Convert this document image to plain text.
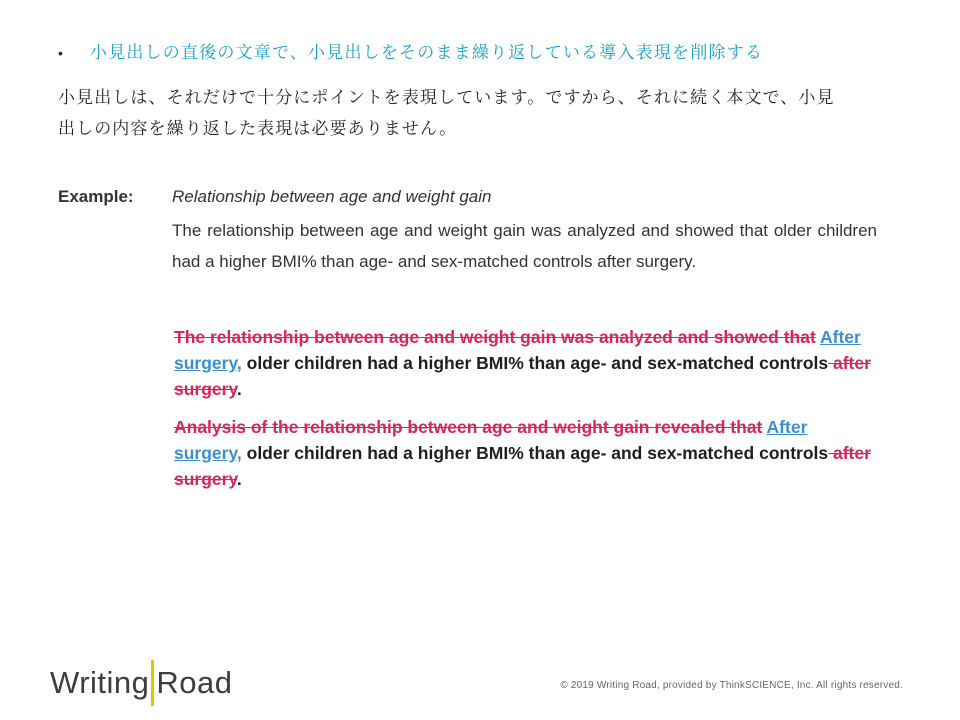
•	小見出しの直後の文章で、小見出しをそのまま繰り返している導入表現を削除する
小見出しは、それだけで十分にポイントを表現しています。ですから、それに続く本文で、小見
出しの内容を繰り返した表現は必要ありません。
Example: Relationship between age and weight gain
The relationship between age and weight gain was analyzed and showed that older children had a higher BMI% than age- and sex-matched controls after surgery.
The relationship between age and weight gain was analyzed and showed that After surgery, older children had a higher BMI% than age- and sex-matched controls after surgery.
Analysis of the relationship between age and weight gain revealed that After surgery, older children had a higher BMI% than age- and sex-matched controls after surgery.
Writing Road	© 2019 Writing Road, provided by ThinkSCIENCE, Inc. All rights reserved.
